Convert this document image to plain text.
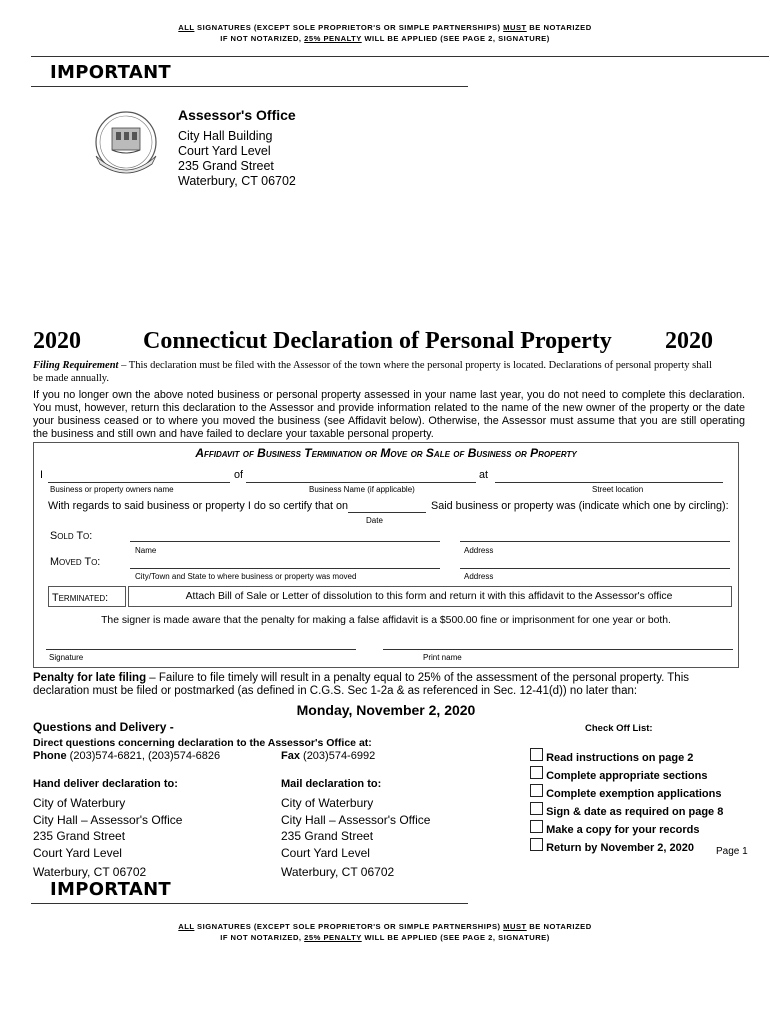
ALL SIGNATURES (EXCEPT SOLE PROPRIETOR'S OR SIMPLE PARTNERSHIPS) MUST BE NOTARIZED
IF NOT NOTARIZED, 25% PENALTY WILL BE APPLIED (SEE PAGE 2, SIGNATURE)
IMPORTANT
Assessor's Office
City Hall Building
Court Yard Level
235 Grand Street
Waterbury, CT 06702
2020	Connecticut Declaration of Personal Property 2020
Filing Requirement – This declaration must be filed with the Assessor of the town where the personal property is located. Declarations of personal property shall be made annually.
If you no longer own the above noted business or personal property assessed in your name last year, you do not need to complete this declaration. You must, however, return this declaration to the Assessor and provide information related to the name of the new owner of the property or the date your business ceased or to where you moved the business (see Affidavit below). Otherwise, the Assessor must assume that you are still operating the business and still own and have failed to declare your taxable personal property.
Affidavit of Business Termination or Move or Sale of Business or Property
I	of	at
Business or property owners name	Business Name (if applicable)	Street location
With regards to said business or property I do so certify that on	Said business or property was (indicate which one by circling):
Date
Sold To:
Name	Address
Moved To:
City/Town and State to where business or property was moved	Address
Terminated:	Attach Bill of Sale or Letter of dissolution to this form and return it with this affidavit to the Assessor's office
The signer is made aware that the penalty for making a false affidavit is a $500.00 fine or imprisonment for one year or both.
Signature	Print name
Penalty for late filing – Failure to file timely will result in a penalty equal to 25% of the assessment of the personal property. This declaration must be filed or postmarked (as defined in C.G.S. Sec 1-2a & as referenced in Sec. 12-41(d)) no later than:
Monday, November 2, 2020
Questions and Delivery -
Direct questions concerning declaration to the Assessor's Office at:
Phone (203)574-6821, (203)574-6826	Fax (203)574-6992
Hand deliver declaration to:
City of Waterbury
City Hall – Assessor's Office
235 Grand Street
Court Yard Level
Waterbury, CT 06702
Mail declaration to:
City of Waterbury
City Hall – Assessor's Office
235 Grand Street
Court Yard Level
Waterbury, CT 06702
Check Off List:
Read instructions on page 2
Complete appropriate sections
Complete exemption applications
Sign & date as required on page 8
Make a copy for your records
Return by November 2, 2020	Page 1
IMPORTANT
ALL SIGNATURES (EXCEPT SOLE PROPRIETOR'S OR SIMPLE PARTNERSHIPS) MUST BE NOTARIZED
IF NOT NOTARIZED, 25% PENALTY WILL BE APPLIED (SEE PAGE 2, SIGNATURE)
